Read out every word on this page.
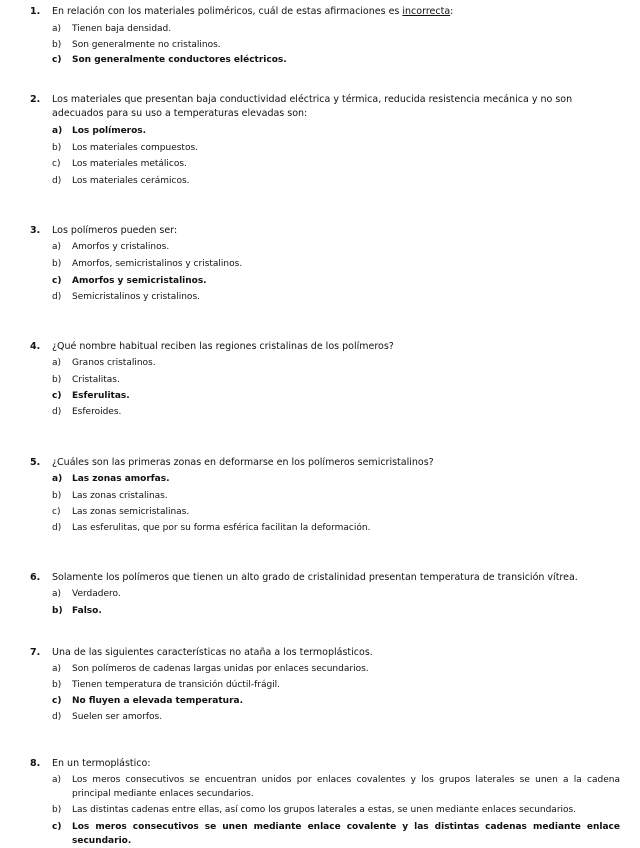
1. En relación con los materiales poliméricos, cuál de estas afirmaciones es incorrecta:
a) Tienen baja densidad.
b) Son generalmente no cristalinos.
c) Son generalmente conductores eléctricos.
2. Los materiales que presentan baja conductividad eléctrica y térmica, reducida resistencia mecánica y no son adecuados para su uso a temperaturas elevadas son:
a) Los polímeros.
b) Los materiales compuestos.
c) Los materiales metálicos.
d) Los materiales cerámicos.
3. Los polímeros pueden ser:
a) Amorfos y cristalinos.
b) Amorfos, semicristalinos y cristalinos.
c) Amorfos y semicristalinos.
d) Semicristalinos y cristalinos.
4. ¿Qué nombre habitual reciben las regiones cristalinas de los polímeros?
a) Granos cristalinos.
b) Cristalitas.
c) Esferulitas.
d) Esferoides.
5. ¿Cuáles son las primeras zonas en deformarse en los polímeros semicristalinos?
a) Las zonas amorfas.
b) Las zonas cristalinas.
c) Las zonas semicristalinas.
d) Las esferulitas, que por su forma esférica facilitan la deformación.
6. Solamente los polímeros que tienen un alto grado de cristalinidad presentan temperatura de transición vítrea.
a) Verdadero.
b) Falso.
7. Una de las siguientes características no ataña a los termoplásticos.
a) Son polímeros de cadenas largas unidas por enlaces secundarios.
b) Tienen temperatura de transición dúctil-frágil.
c) No fluyen a elevada temperatura.
d) Suelen ser amorfos.
8. En un termoplástico:
a) Los meros consecutivos se encuentran unidos por enlaces covalentes y los grupos laterales se unen a la cadena principal mediante enlaces secundarios.
b) Las distintas cadenas entre ellas, así como los grupos laterales a estas, se unen mediante enlaces secundarios.
c) Los meros consecutivos se unen mediante enlace covalente y las distintas cadenas mediante enlace secundario.
